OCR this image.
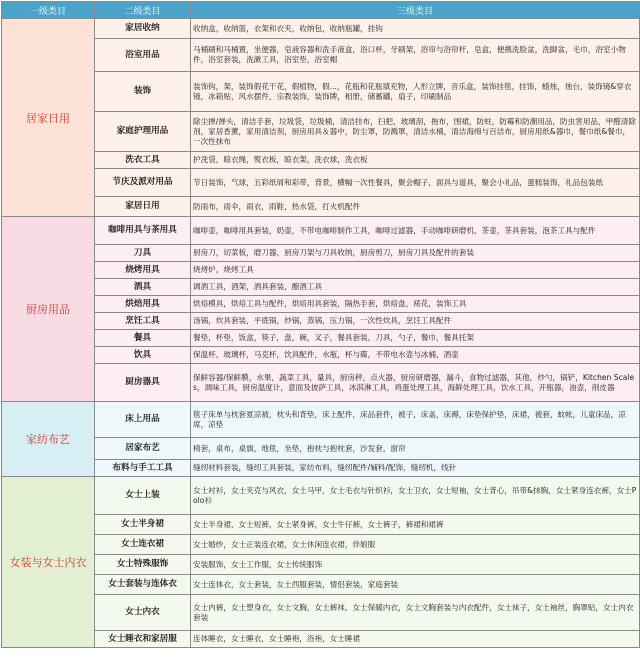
一级类目	二级类目	三级类目
居家日用	家居收纳	收纳盒，收纳篮，衣架和衣夹，收纳包，收纳瓶罐，挂钩
	浴室用品	马桶刷和马桶置，坐便器，皂液容器和洗手液盒，浴口杯，牙刷架，浴帘与浴帘杆，皂盒，便携洗脸盆，洗脚盆，毛巾，浴室小物件，浴室套装，洗漱工具，浴室垫，浴室帽
	装饰	装饰钩，架，装饰假花干花，假植物，假...，花瓶和花瓶填充物，人形立牌，音乐盒，装饰挂毯，挂饰，蜡烛，烛台，装饰镜&穿衣镜，冰箱贴，风水摆件，宗教装饰，装饰牌，相册，储蓄罐，扇子，印刷制品
	家庭护理用品	除尘掸/掸头，清洁手套，垃圾袋，垃圾桶，清洁挂布，扫把，玻璃刮，拖布，围裙，防蛀，防霉和防潮用品，防虫害用品，甲醛清除剂，家居香薰，家用清洁剂，厨房用具＆器中，防尘罩，防溅罩，清洁水桶，清洁海绵与百洁布，厨房用纸&器巾，餐巾纸&餐巾，一次性抹布
	洗衣工具	护洗袋，晾衣绳，熨衣板，晾衣架，洗衣球，洗衣板
	节庆及派对用品	节日装饰，气球，五彩纸屑和彩带，背景，横幅一次性餐具，聚会帽子，面具与道具，聚会小礼品，蛋糕装饰，礼品包装纸
	家居日用	防雨布，雨伞，雨衣，雨鞋，热水袋，打火机配件
厨房用品	咖啡用具与茶用具	咖啡壶，咖啡用具套装，奶壶，不带电咖啡制作工具，咖啡过滤器，手动咖啡研磨机，茶壶，茶具套装，泡茶工具与配件
	刀具	厨房刀，切菜板，磨刀器，厨房刀架与刀具收纳，厨房剪刀，厨房刀具及配件的套装
	烧烤用具	烧烤炉，烧烤工具
	酒具	调酒工具，酒架，酒具套装，酿酒工具
	烘焙用具	烘焙模具，烘焙工具与配件，烘焙用具套装，隔热手套，烘焙盘，裱花，装饰工具
	烹饪工具	汤锅，炊具套装，平底锅，炒锅，蒸锅，压力锅，一次性炊具，烹饪工具配件
	餐具	餐垫，杯垫，饭盒，筷子，盘，碗，叉子，餐具套装，刀具，勺子，餐巾，餐具托架
	饮具	保温杯，玻璃杯，马克杯，饮具配件，水瓶，杯与碟，不带电水壶与冰桶，酒壶
	厨房器具	保鲜容器/保鲜膜，水果，蔬菜工具，量具，厨房秤，点火器，厨房研磨器，漏斗，食物过滤器，其他，炒勺，锅铲，Kitchen Scales，调味工具，厨房温度计，意面及披萨工具，冰淇淋工具，鸡蛋处理工具，海鲜处理工具，饮水工具，开瓶器，油壶，削皮器
家纺布艺	床上用品	毯子床单与枕套夏凉被，枕头和背垫，床上配件，床品套件，被子，床盖，床褥，床垫保护垫，床裙，被套，蚊帐，儿童床品，凉席，凉垫
	居家布艺	椅套，桌布，桌旗，地毯，坐垫，抱枕与抱枕套，沙发套，窗帘
	布料与手工工具	缝纫材料套装，缝纫工具套装，家纺布料，缝纫配件/辅料/配饰，缝纫机，线针
女装与女士内衣	女士上装	女士衬衫，女士夹克与风衣，女士马甲，女士毛衣与针织衫，女士卫衣，女士短袖，女士背心，吊带&抹胸，女士紧身连衣裤，女士Polo衫
	女士半身裙	女士半身裙，女士短裤，女士紧身裤，女士牛仔裤，女士裤子，裤裙和裙裤
	女士连衣裙	女士婚纱，女士正装连衣裙，女士休闲连衣裙，伴娘服
	女士特殊服饰	安装服饰，女士工作服，女士传统服饰
	女士套装与连体衣	女士连体衣，女士套装，女士西服套装，情侣套装，家庭套装
	女士内衣	女士内裤，女士塑身衣，女士文胸，女士裤袜，女士保暖内衣，女士文胸套装与内衣配件，女士袜子，女士袖丝，胸罩贴，女士内衣套装
	女士睡衣和家居服	连体睡衣，女士睡衣，女士睡袍，浴袍，女士睡裙
